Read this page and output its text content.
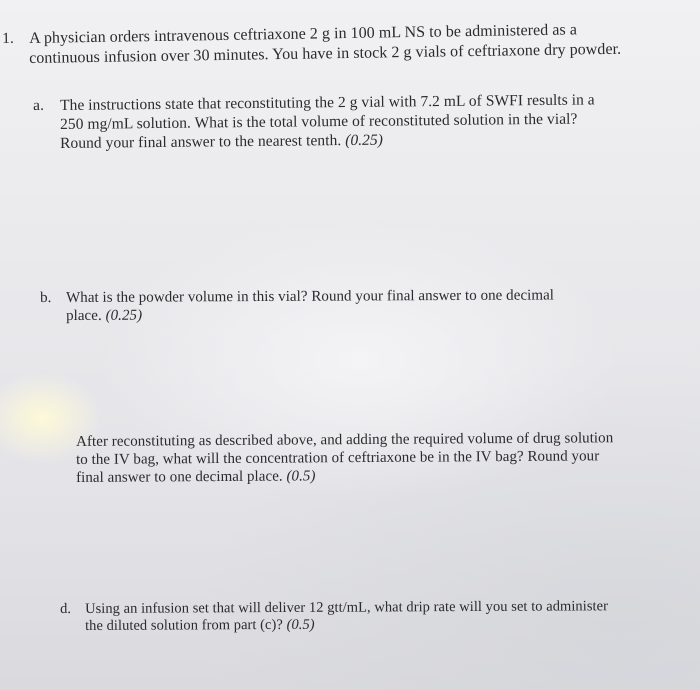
1. A physician orders intravenous ceftriaxone 2 g in 100 mL NS to be administered as a
continuous infusion over 30 minutes. You have in stock 2 g vials of ceftriaxone dry powder.
a. The instructions state that reconstituting the 2 g vial with 7.2 mL of SWFI results in a
250 mg/mL solution. What is the total volume of reconstituted solution in the vial?
Round your final answer to the nearest tenth. (0.25)
b. What is the powder volume in this vial? Round your final answer to one decimal
place. (0.25)
After reconstituting as described above, and adding the required volume of drug solution
to the IV bag, what will the concentration of ceftriaxone be in the IV bag? Round your
final answer to one decimal place. (0.5)
d. Using an infusion set that will deliver 12 gtt/mL, what drip rate will you set to administer
the diluted solution from part (c)? (0.5)
